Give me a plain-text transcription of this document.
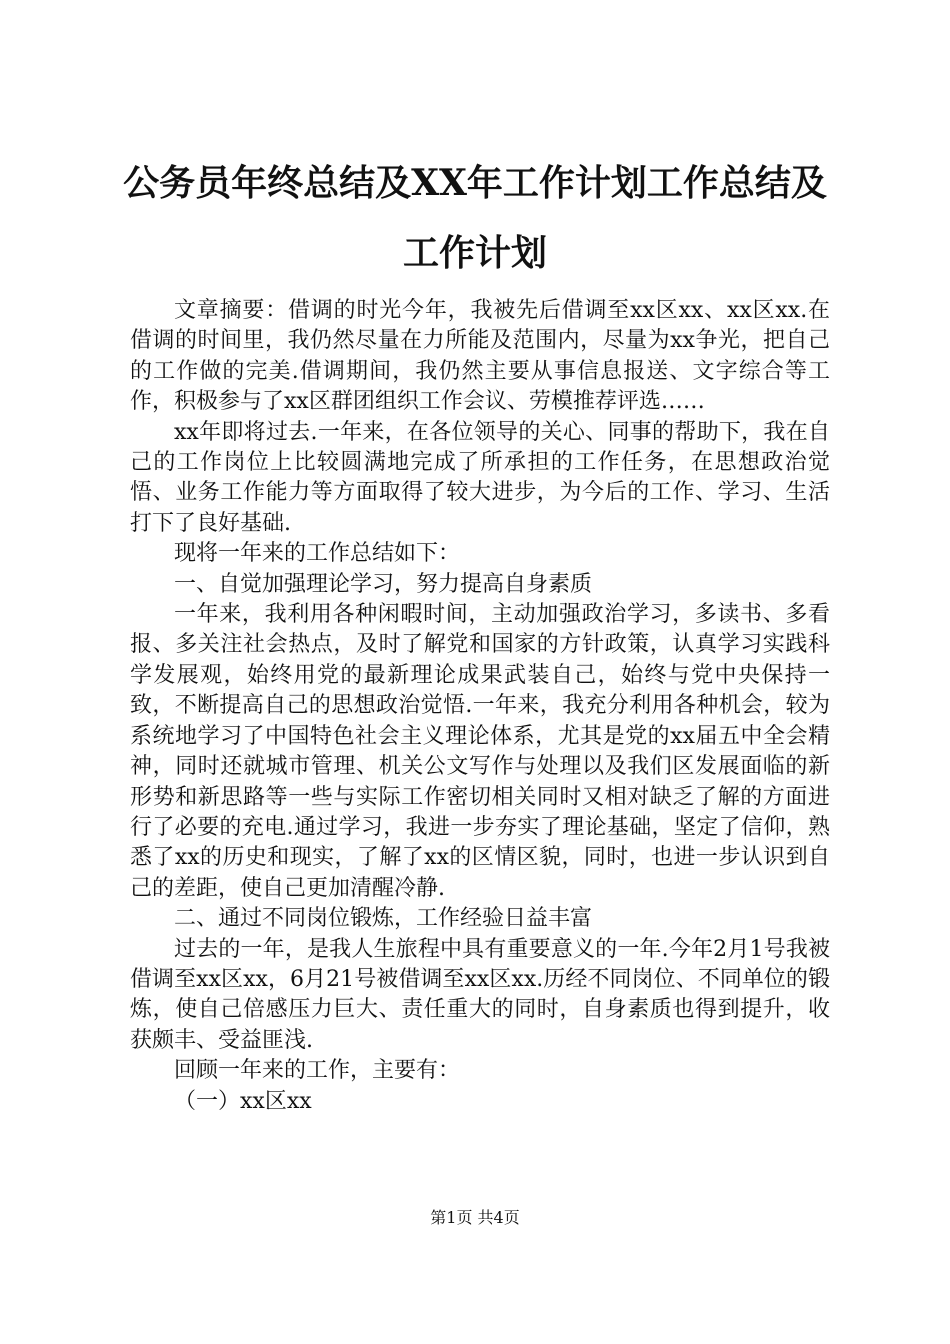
公务员年终总结及XX年工作计划工作总结及
工作计划

文章摘要：借调的时光今年，我被先后借调至xx区xx、xx区xx.在借调的时间里，我仍然尽量在力所能及范围内，尽量为xx争光，把自己的工作做的完美.借调期间，我仍然主要从事信息报送、文字综合等工作，积极参与了xx区群团组织工作会议、劳模推荐评选……

xx年即将过去.一年来，在各位领导的关心、同事的帮助下，我在自己的工作岗位上比较圆满地完成了所承担的工作任务，在思想政治觉悟、业务工作能力等方面取得了较大进步，为今后的工作、学习、生活打下了良好基础.

现将一年来的工作总结如下：

一、自觉加强理论学习，努力提高自身素质

一年来，我利用各种闲暇时间，主动加强政治学习，多读书、多看报、多关注社会热点，及时了解党和国家的方针政策，认真学习实践科学发展观，始终用党的最新理论成果武装自己，始终与党中央保持一致，不断提高自己的思想政治觉悟.一年来，我充分利用各种机会，较为系统地学习了中国特色社会主义理论体系，尤其是党的xx届五中全会精神，同时还就城市管理、机关公文写作与处理以及我们区发展面临的新形势和新思路等一些与实际工作密切相关同时又相对缺乏了解的方面进行了必要的充电.通过学习，我进一步夯实了理论基础，坚定了信仰，熟悉了xx的历史和现实，了解了xx的区情区貌，同时，也进一步认识到自己的差距，使自己更加清醒冷静.

二、通过不同岗位锻炼，工作经验日益丰富

过去的一年，是我人生旅程中具有重要意义的一年.今年2月1号我被借调至xx区xx，6月21号被借调至xx区xx.历经不同岗位、不同单位的锻炼，使自己倍感压力巨大、责任重大的同时，自身素质也得到提升，收获颇丰、受益匪浅.

回顾一年来的工作，主要有：

（一）xx区xx

第1页 共4页
